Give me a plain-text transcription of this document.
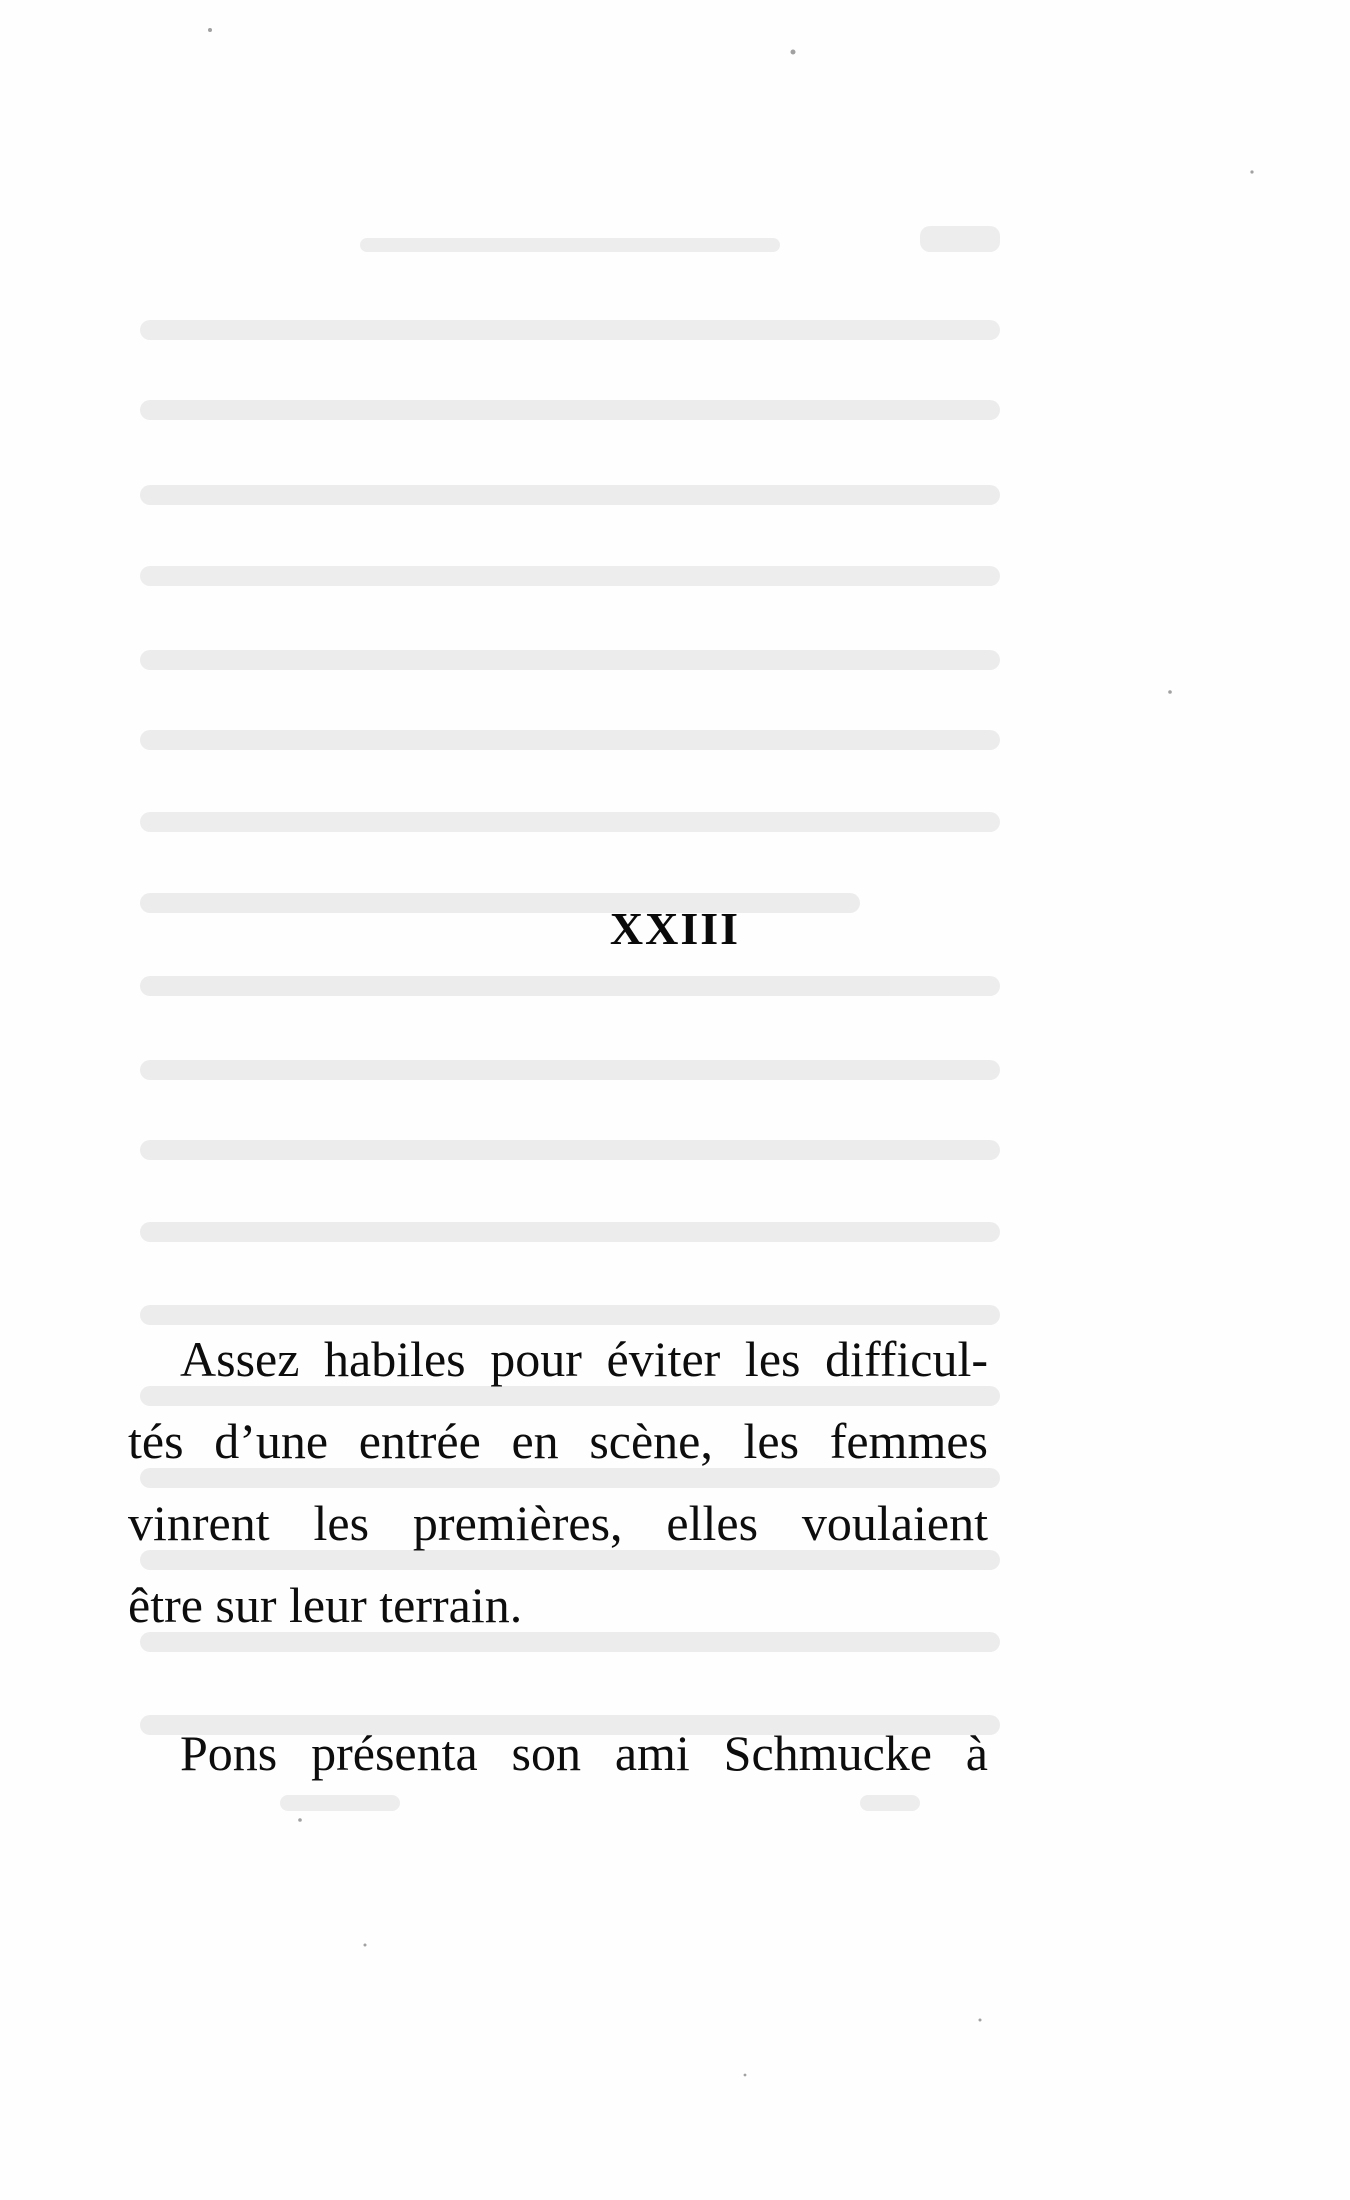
XXIII
Assez habiles pour éviter les difficul-
tés d’une entrée en scène, les femmes
vinrent les premières, elles voulaient
être sur leur terrain.
Pons présenta son ami Schmucke à
